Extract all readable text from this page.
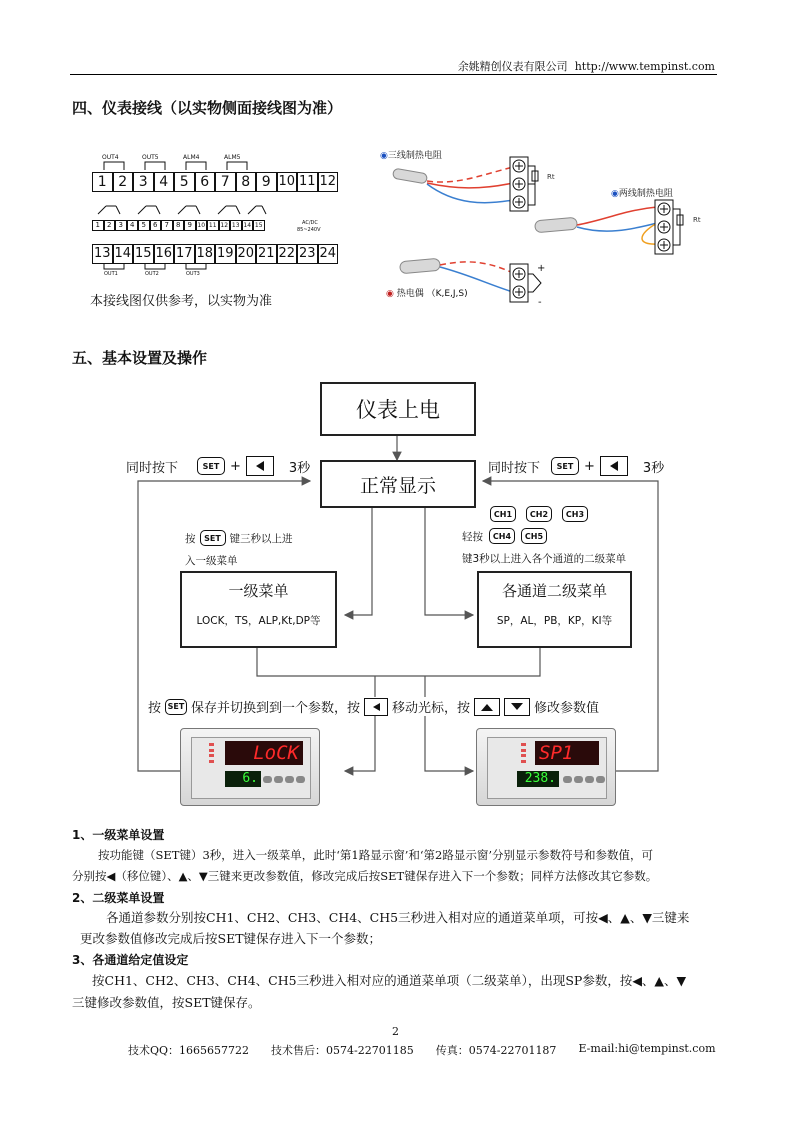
余姚精创仪表有限公司 http://www.tempinst.com
四、仪表接线（以实物侧面接线图为准）
OUT4	OUT5	ALM4	ALM5
1 2 3 4 5 6 7 8 9 10 11 12
1	2	3	4	5	6	7	8	9 10 11 12 13 14 15	AC/DC
85~240V
13 14 15 16 17 18 19 20 21 22 23 24
OUT1	OUT2	OUT3
本接线图仅供参考，以实物为准
◉三线制热电阻
◉两线制热电阻
◉ 热电偶 （K,E,J,S)
Rt
Rt
+
-
五、基本设置及操作
仪表上电
正常显示
同时按下	SET +	3秒	同时按下	SET +	3秒
按	SET 键三秒以上进
入一级菜单
CH1	CH2	CH3
轻按	CH4	CH5
键3秒以上进入各个通道的二级菜单
一级菜单
LOCK，TS，ALP,Kt,DP等
各通道二级菜单
SP，AL，PB，KP，KI等
按 SET 保存并切换到到一个参数，按 移动光标，按	修改参数值
LoCK
6.
SP1
238.
1、一级菜单设置
按功能键（SET键）3秒，进入一级菜单，此时‘第1路显示窗’和‘第2路显示窗’分别显示参数符号和参数值，可
分别按◀（移位键）、▲、▼三键来更改参数值，修改完成后按SET键保存进入下一个参数；同样方法修改其它参数。
2、二级菜单设置
各通道参数分别按CH1、CH2、CH3、CH4、CH5三秒进入相对应的通道菜单项，可按◀、▲、▼三键来
更改参数值修改完成后按SET键保存进入下一个参数；
3、各通道给定值设定
按CH1、CH2、CH3、CH4、CH5三秒进入相对应的通道菜单项（二级菜单），出现SP参数，按◀、▲、▼
三键修改参数值，按SET键保存。
2
技术QQ：1665657722 技术售后：0574-22701185 传真：0574-22701187 E-mail:hi@tempinst.com
